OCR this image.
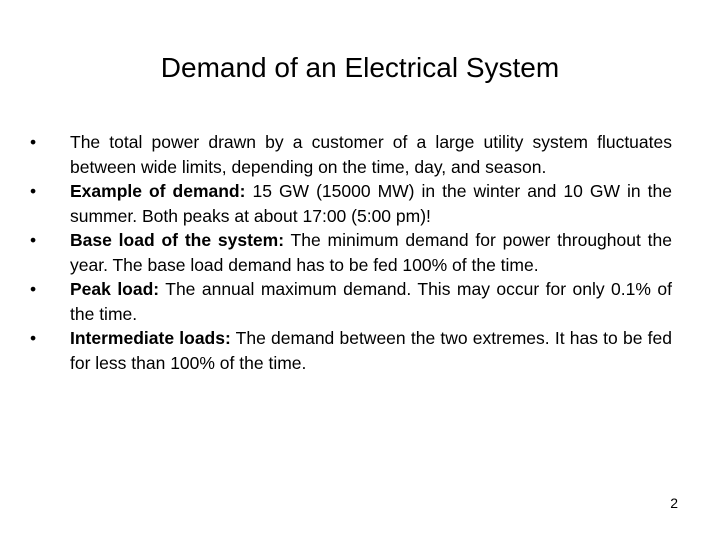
Demand of an Electrical System
•	The total power drawn by a customer of a large utility system fluctuates between wide limits, depending on the time, day, and season.
•	Example of demand: 15 GW (15000 MW) in the winter and 10 GW in the summer. Both peaks at about 17:00 (5:00 pm)!
•	Base load of the system: The minimum demand for power throughout the year. The base load demand has to be fed 100% of the time.
•	Peak load: The annual maximum demand. This may occur for only 0.1% of the time.
•	Intermediate loads: The demand between the two extremes. It has to be fed for less than 100% of the time.
2
